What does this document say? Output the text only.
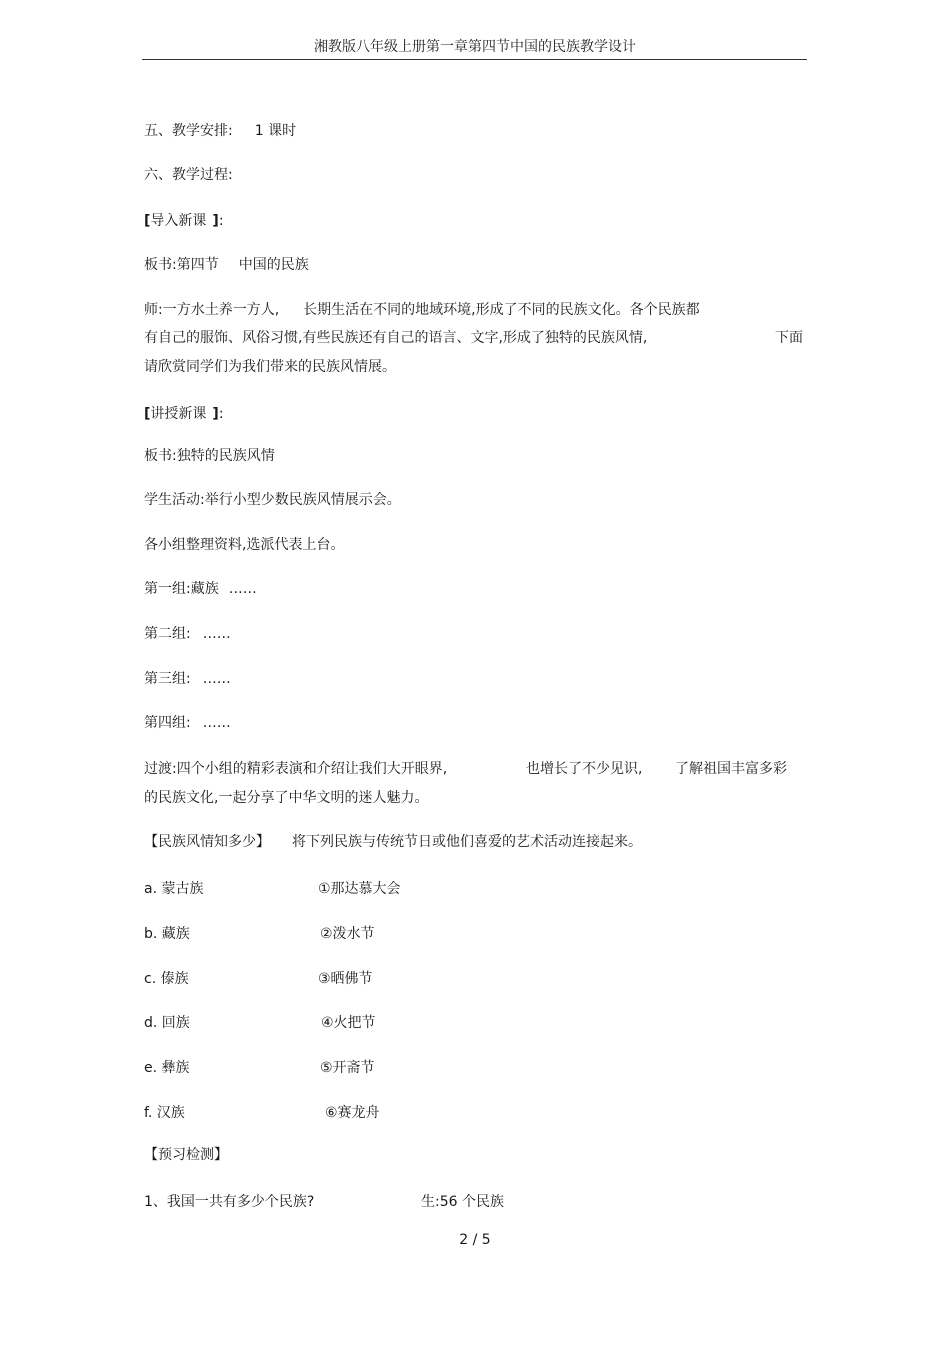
湘教版八年级上册第一章第四节中国的民族教学设计
五、教学安排: 1 课时
六、教学过程:
[导入新课 ]:
板书:第四节 中国的民族
师:一方水土养一方人, 长期生活在不同的地域环境,形成了不同的民族文化。各个民族都
有自己的服饰、风俗习惯,有些民族还有自己的语言、文字,形成了独特的民族风情,	下面
请欣赏同学们为我们带来的民族风情展。
[讲授新课 ]:
板书:独特的民族风情
学生活动:举行小型少数民族风情展示会。
各小组整理资料,选派代表上台。
第一组:藏族 ……
第二组: ……
第三组: ……
第四组: ……
过渡:四个小组的精彩表演和介绍让我们大开眼界,	也增长了不少见识, 了解祖国丰富多彩
的民族文化,一起分享了中华文明的迷人魅力。
【民族风情知多少】 将下列民族与传统节日或他们喜爱的艺术活动连接起来。
a. 蒙古族	①那达慕大会
b. 藏族	②泼水节
c. 傣族	③晒佛节
d. 回族	④火把节
e. 彝族	⑤开斋节
f. 汉族	⑥赛龙舟
【预习检测】
1、我国一共有多少个民族?	生:56 个民族
2 / 5
